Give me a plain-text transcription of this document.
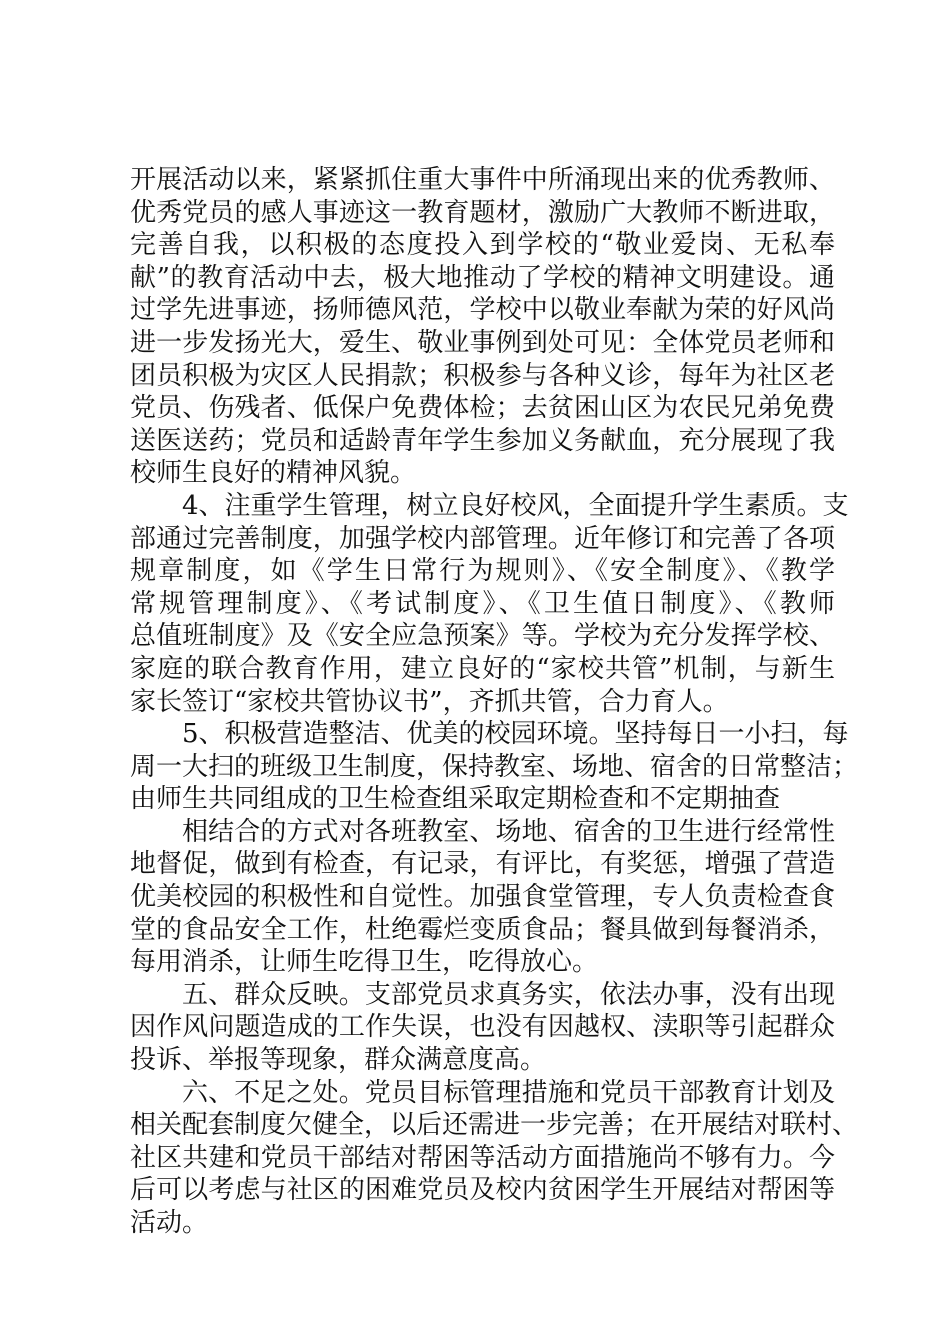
开展活动以来，紧紧抓住重大事件中所涌现出来的优秀教师、
优秀党员的感人事迹这一教育题材，激励广大教师不断进取，
完善自我，以积极的态度投入到学校的“敬业爱岗、无私奉
献”的教育活动中去，极大地推动了学校的精神文明建设。通
过学先进事迹，扬师德风范，学校中以敬业奉献为荣的好风尚
进一步发扬光大，爱生、敬业事例到处可见：全体党员老师和
团员积极为灾区人民捐款；积极参与各种义诊，每年为社区老
党员、伤残者、低保户免费体检；去贫困山区为农民兄弟免费
送医送药；党员和适龄青年学生参加义务献血，充分展现了我
校师生良好的精神风貌。
4、注重学生管理，树立良好校风，全面提升学生素质。支
部通过完善制度，加强学校内部管理。近年修订和完善了各项
规章制度，如《学生日常行为规则》、《安全制度》、《教学
常规管理制度》、《考试制度》、《卫生值日制度》、《教师
总值班制度》及《安全应急预案》等。学校为充分发挥学校、
家庭的联合教育作用，建立良好的“家校共管”机制，与新生
家长签订“家校共管协议书”，齐抓共管，合力育人。
5、积极营造整洁、优美的校园环境。坚持每日一小扫，每
周一大扫的班级卫生制度，保持教室、场地、宿舍的日常整洁；
由师生共同组成的卫生检查组采取定期检查和不定期抽查
相结合的方式对各班教室、场地、宿舍的卫生进行经常性
地督促，做到有检查，有记录，有评比，有奖惩，增强了营造
优美校园的积极性和自觉性。加强食堂管理，专人负责检查食
堂的食品安全工作，杜绝霉烂变质食品；餐具做到每餐消杀，
每用消杀，让师生吃得卫生，吃得放心。
五、群众反映。支部党员求真务实，依法办事，没有出现
因作风问题造成的工作失误，也没有因越权、渎职等引起群众
投诉、举报等现象，群众满意度高。
六、不足之处。党员目标管理措施和党员干部教育计划及
相关配套制度欠健全，以后还需进一步完善；在开展结对联村、
社区共建和党员干部结对帮困等活动方面措施尚不够有力。今
后可以考虑与社区的困难党员及校内贫困学生开展结对帮困等
活动。
